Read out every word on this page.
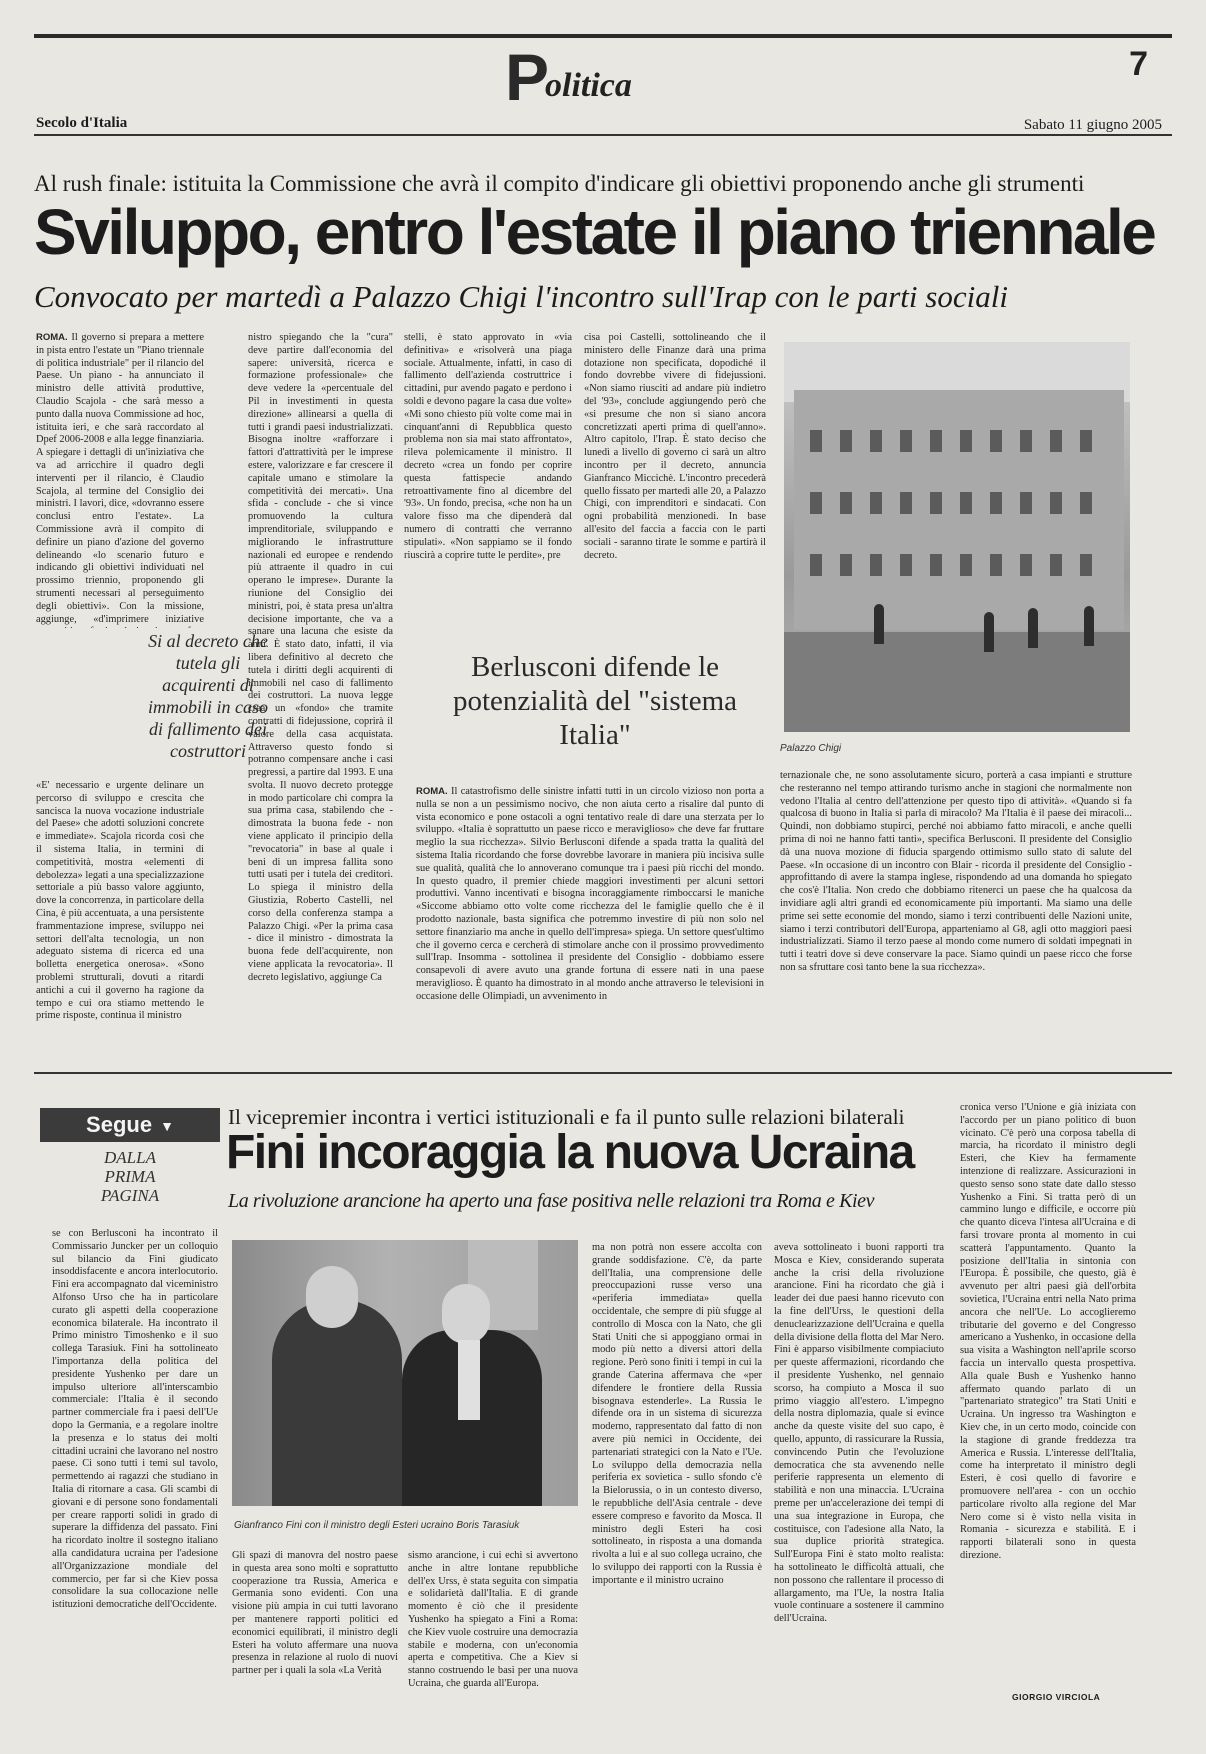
P
olitica
7
Secolo d'Italia	Sabato 11 giugno 2005
Al rush finale: istituita la Commissione che avrà il compito d'indicare gli obiettivi proponendo anche gli strumenti
Sviluppo, entro l'estate il piano triennale
Convocato per martedì a Palazzo Chigi l'incontro sull'Irap con le parti sociali

ROMA. Il governo si prepara a mettere in pista entro l'estate un "Piano triennale di politica industriale" per il rilancio del Paese. Un piano - ha annunciato il ministro delle attività produttive, Claudio Scajola - che sarà messo a punto dalla nuova Commissione ad hoc, istituita ieri, e che sarà raccordato al Dpef 2006-2008 e alla legge finanziaria. A spiegare i dettagli di un'iniziativa che va ad arricchire il quadro degli interventi per il rilancio, è Claudio Scajola, al termine del Consiglio dei ministri. I lavori, dice, «dovranno essere conclusi entro l'estate». La Commissione avrà il compito di definire un piano d'azione del governo delineando «lo scenario futuro e indicando gli obiettivi individuati nel prossimo triennio, proponendo gli strumenti necessari al perseguimento degli obiettivi». Con la missione, aggiunge, «d'imprimere iniziative

«E' necessario e urgente delinare un percorso di sviluppo e crescita che sancisca la nuova vocazione industriale del Paese» che adotti soluzioni concrete e immediate». Scajola ricorda così che il sistema Italia, in termini di competitività, mostra «elementi di debolezza» legati a una specializzazione settoriale a più basso valore aggiunto, dove la concorrenza, in particolare della Cina, è più accentuata, a una persistente frammentazione imprese, sviluppo nei settori dell'alta tecnologia, un non adeguato sistema di ricerca ed una bolletta energetica onerosa». «Sono problemi strutturali, dovuti a ritardi antichi a cui il governo ha ragione da tempo e cui ora stiamo mettendo le prime risposte, continua il ministro

Si al decreto che tutela gli acquirenti di immobili in caso di fallimento dei costruttori

nistro spiegando che la "cura" deve partire dall'economia del sapere: università, ricerca e formazione professionale» che deve vedere la «percentuale del Pil in investimenti in questa direzione» allinearsi a quella di tutti i grandi paesi industrializzati. Bisogna inoltre «rafforzare i fattori d'attrattività per le imprese estere, valorizzare e far crescere il capitale umano e stimolare la competitività dei mercati». Una sfida - conclude - che si vince promuovendo la cultura imprenditoriale, sviluppando e migliorando le infrastrutture nazionali ed europee e rendendo più attraente il quadro in cui operano le imprese». Durante la riunione del Consiglio dei ministri, poi, è stata presa un'altra decisione importante, che va a sanare una lacuna che esiste da anni. È stato dato, infatti, il via libera definitivo al decreto che tutela i diritti degli acquirenti di immobili nel caso di fallimento dei costruttori. La nuova legge crea un «fondo» che tramite contratti di fidejussione, coprirà il valore della casa acquistata. Attraverso questo fondo si potranno compensare anche i casi pregressi, a partire dal 1993. E una svolta. Il nuovo decreto protegge in modo particolare chi compra la sua prima casa, stabilendo che - dimostrata la buona fede - non viene applicato il principio della "revocatoria" in base al quale i beni di un impresa fallita sono tutti usati per i tutela dei creditori. Lo spiega il ministro della Giustizia, Roberto Castelli, nel corso della conferenza stampa a Palazzo Chigi. «Per la prima casa - dice il ministro - dimostrata la buona fede dell'acquirente, non viene applicata la revocatoria». Il decreto legislativo, aggiunge Ca

stelli, è stato approvato in «via definitiva» e «risolverà una piaga sociale. Attualmente, infatti, in caso di fallimento dell'azienda costruttrice i cittadini, pur avendo pagato e perdono i soldi e devono pagare la casa due volte» «Mi sono chiesto più volte come mai in cinquant'anni di Repubblica questo problema non sia mai stato affrontato», rileva polemicamente il ministro. Il decreto «crea un fondo per coprire questa fattispecie andando retroattivamente fino al dicembre del '93». Un fondo, precisa, «che non ha un valore fisso ma che dipenderà dal numero di contratti che verranno stipulati». «Non sappiamo se il fondo riuscirà a coprire tutte le perdite», pre

cisa poi Castelli, sottolineando che il ministero delle Finanze darà una prima dotazione non specificata, dopodiché il fondo dovrebbe vivere di fidejussioni. «Non siamo riusciti ad andare più indietro del '93», conclude aggiungendo però che «si presume che non si siano ancora concretizzati aperti prima di quell'anno». Altro capitolo, l'Irap. È stato deciso che lunedì a livello di governo ci sarà un altro incontro per il decreto, annuncia Gianfranco Miccichè. L'incontro precederà quello fissato per martedì alle 20, a Palazzo Chigi, con imprenditori e sindacati. Con ogni probabilità menzionedi. In base all'esito del faccia a faccia con le parti sociali - saranno tirate le somme e partirà il decreto.

Palazzo Chigi
Berlusconi difende le potenzialità del "sistema Italia"

ROMA. Il catastrofismo delle sinistre infatti tutti in un circolo vizioso non porta a nulla se non a un pessimismo nocivo, che non aiuta certo a risalire dal punto di vista economico e pone ostacoli a ogni tentativo reale di dare una sterzata per lo sviluppo. «Italia è soprattutto un paese ricco e meraviglioso» che deve far fruttare meglio la sua ricchezza». Silvio Berlusconi difende a spada tratta la qualità del sistema Italia ricordando che forse dovrebbe lavorare in maniera più incisiva sulle sue qualità, qualità che lo annoverano comunque tra i paesi più ricchi del mondo. In questo quadro, il premier chiede maggiori investimenti per alcuni settori produttivi. Vanno incentivati e bisogna incoraggiamente rimboccarsi le maniche «Siccome abbiamo otto volte come ricchezza del le famiglie quello che è il prodotto nazionale, basta significa che potremmo investire di più non solo nel settore finanziario ma anche in quello dell'impresa» spiega. Un settore quest'ultimo che il governo cerca e cercherà di stimolare anche con il prossimo provvedimento sull'Irap. Insomma - sottolinea il presidente del Consiglio - dobbiamo essere consapevoli di avere avuto una grande fortuna di essere nati in una paese meraviglioso. È quanto ha dimostrato in al mondo anche attraverso le televisioni in occasione delle Olimpiadi, un avvenimento in

ternazionale che, ne sono assolutamente sicuro, porterà a casa impianti e strutture che resteranno nel tempo attirando turismo anche in stagioni che normalmente non vedono l'Italia al centro dell'attenzione per questo tipo di attività». «Quando si fa qualcosa di buono in Italia si parla di miracolo? Ma l'Italia è il paese dei miracoli... Quindi, non dobbiamo stupirci, perché noi abbiamo fatto miracoli, e anche quelli prima di noi ne hanno fatti tanti», specifica Berlusconi. Il presidente del Consiglio dà una nuova mozione di fiducia spargendo ottimismo sullo stato di salute del Paese. «In occasione di un incontro con Blair - ricorda il presidente del Consiglio - approfittando di avere la stampa inglese, rispondendo ad una domanda ho spiegato che cos'è l'Italia. Non credo che dobbiamo ritenerci un paese che ha qualcosa da invidiare agli altri grandi ed economicamente più importanti. Ma siamo una delle prime sei sette economie del mondo, siamo i terzi contribuenti delle Nazioni unite, siamo i terzi contributori dell'Europa, apparteniamo al G8, agli otto maggiori paesi industrializzati. Siamo il terzo paese al mondo come numero di soldati impegnati in tutti i teatri dove si deve conservare la pace. Siamo quindi un paese ricco che forse non sa sfruttare così tanto bene la sua ricchezza».

Segue ▼
DALLA
PRIMA
PAGINA
Il vicepremier incontra i vertici istituzionali e fa il punto sulle relazioni bilaterali
Fini incoraggia la nuova Ucraina
La rivoluzione arancione ha aperto una fase positiva nelle relazioni tra Roma e Kiev

se con Berlusconi ha incontrato il Commissario Juncker per un colloquio sul bilancio da Fini giudicato insoddisfacente e ancora interlocutorio. Fini era accompagnato dal viceministro Alfonso Urso che ha in particolare curato gli aspetti della cooperazione economica bilaterale. Ha incontrato il Primo ministro Timoshenko e il suo collega Tarasiuk. Fini ha sottolineato l'importanza della politica del presidente Yushenko per dare un impulso ulteriore all'interscambio commerciale: l'Italia è il secondo partner commerciale fra i paesi dell'Ue dopo la Germania, e a regolare inoltre la presenza e lo status dei molti cittadini ucraini che lavorano nel nostro paese. Ci sono tutti i temi sul tavolo, permettendo ai ragazzi che studiano in Italia di ritornare a casa. Gli scambi di giovani e di persone sono fondamentali per creare rapporti solidi in grado di superare la diffidenza del passato. Fini ha ricordato inoltre il sostegno italiano alla candidatura ucraina per l'adesione all'Organizzazione mondiale del commercio, per far sì che Kiev possa consolidare la sua collocazione nelle istituzioni democratiche dell'Occidente.

Gianfranco Fini con il ministro degli Esteri ucraino Boris Tarasiuk

Gli spazi di manovra del nostro paese in questa area sono molti e soprattutto cooperazione tra Russia, America e Germania sono evidenti. Con una visione più ampia in cui tutti lavorano per mantenere rapporti politici ed economici equilibrati, il ministro degli Esteri ha voluto affermare una nuova presenza in relazione al ruolo di nuovi partner per i quali la sola «La Verità

sismo arancione, i cui echi si avvertono anche in altre lontane repubbliche dell'ex Urss, è stata seguita con simpatia e solidarietà dall'Italia. E di grande momento è ciò che il presidente Yushenko ha spiegato a Fini a Roma: che Kiev vuole costruire una democrazia stabile e moderna, con un'economia aperta e competitiva. Che a Kiev si stanno costruendo le basi per una nuova Ucraina, che guarda all'Europa.

ma non potrà non essere accolta con grande soddisfazione. C'è, da parte dell'Italia, una comprensione delle preoccupazioni russe verso una «periferia immediata» quella occidentale, che sempre di più sfugge al controllo di Mosca con la Nato, che gli Stati Uniti che si appoggiano ormai in modo più netto a diversi attori della regione. Però sono finiti i tempi in cui la grande Caterina affermava che «per difendere le frontiere della Russia bisognava estenderle». La Russia le difende ora in un sistema di sicurezza moderno, rappresentato dal fatto di non avere più nemici in Occidente, dei partenariati strategici con la Nato e l'Ue. Lo sviluppo della democrazia nella periferia ex sovietica - sullo sfondo c'è la Bielorussia, o in un contesto diverso, le repubbliche dell'Asia centrale - deve essere compreso e favorito da Mosca. Il ministro degli Esteri ha così sottolineato, in risposta a una domanda rivolta a lui e al suo collega ucraino, che lo sviluppo dei rapporti con la Russia è importante e il ministro ucraino

aveva sottolineato i buoni rapporti tra Mosca e Kiev, considerando superata anche la crisi della rivoluzione arancione. Fini ha ricordato che già i leader dei due paesi hanno ricevuto con la fine dell'Urss, le questioni della denuclearizzazione dell'Ucraina e quella della divisione della flotta del Mar Nero. Fini è apparso visibilmente compiaciuto per queste affermazioni, ricordando che il presidente Yushenko, nel gennaio scorso, ha compiuto a Mosca il suo primo viaggio all'estero. L'impegno della nostra diplomazia, quale si evince anche da queste visite del suo capo, è quello, appunto, di rassicurare la Russia, convincendo Putin che l'evoluzione democratica che sta avvenendo nelle periferie rappresenta un elemento di stabilità e non una minaccia. L'Ucraina preme per un'accelerazione dei tempi di una sua integrazione in Europa, che costituisce, con l'adesione alla Nato, la sua duplice priorità strategica. Sull'Europa Fini è stato molto realista: ha sottolineato le difficoltà attuali, che non possono che rallentare il processo di allargamento, ma l'Ue, la nostra Italia vuole continuare a sostenere il cammino dell'Ucraina.

cronica verso l'Unione e già iniziata con l'accordo per un piano politico di buon vicinato. C'è però una corposa tabella di marcia, ha ricordato il ministro degli Esteri, che Kiev ha fermamente intenzione di realizzare. Assicurazioni in questo senso sono state date dallo stesso Yushenko a Fini. Si tratta però di un cammino lungo e difficile, e occorre più che quanto diceva l'intesa all'Ucraina e di farsi trovare pronta al momento in cui scatterà l'appuntamento. Quanto la posizione dell'Italia in sintonia con l'Europa. È possibile, che questo, già è avvenuto per altri paesi già dell'orbita sovietica, l'Ucraina entri nella Nato prima ancora che nell'Ue. Lo accoglieremo tributarie del governo e del Congresso americano a Yushenko, in occasione della sua visita a Washington nell'aprile scorso faccia un intervallo questa prospettiva. Alla quale Bush e Yushenko hanno affermato quando parlato di un "partenariato strategico" tra Stati Uniti e Ucraina. Un ingresso tra Washington e Kiev che, in un certo modo, coincide con la stagione di grande freddezza tra America e Russia. L'interesse dell'Italia, come ha interpretato il ministro degli Esteri, è così quello di favorire e promuovere nell'area - con un occhio particolare rivolto alla regione del Mar Nero come si è visto nella visita in Romania - sicurezza e stabilità. E i rapporti bilaterali sono in questa direzione.

GIORGIO VIRCIOLA
